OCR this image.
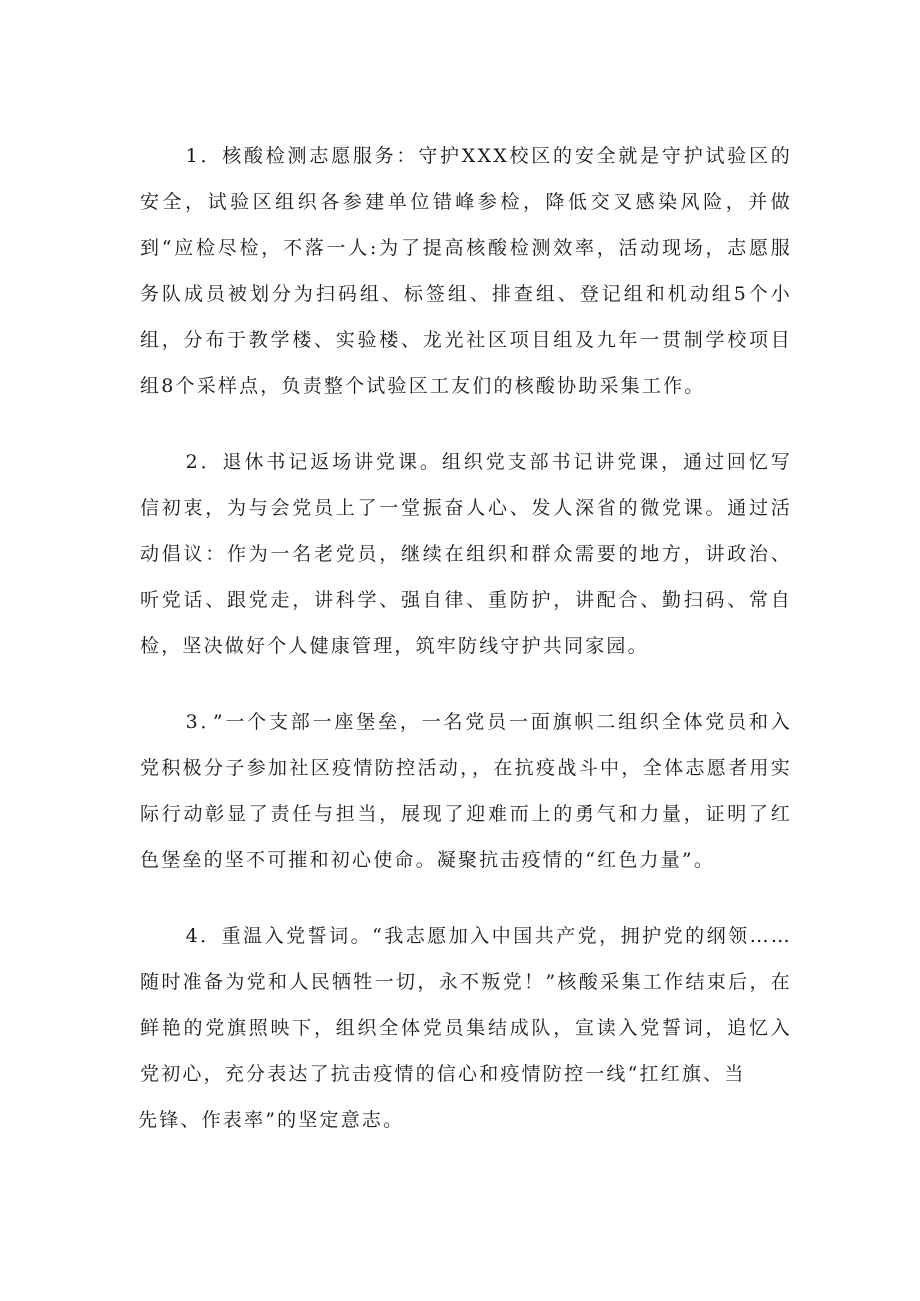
1．核酸检测志愿服务：守护XXX校区的安全就是守护试验区的安全，试验区组织各参建单位错峰参检，降低交叉感染风险，并做到“应检尽检，不落一人:为了提高核酸检测效率，活动现场，志愿服务队成员被划分为扫码组、标签组、排查组、登记组和机动组5个小组，分布于教学楼、实验楼、龙光社区项目组及九年一贯制学校项目组8个采样点，负责整个试验区工友们的核酸协助采集工作。

2．退休书记返场讲党课。组织党支部书记讲党课，通过回忆写信初衷，为与会党员上了一堂振奋人心、发人深省的微党课。通过活动倡议：作为一名老党员，继续在组织和群众需要的地方，讲政治、听党话、跟党走，讲科学、强自律、重防护，讲配合、勤扫码、常自检，坚决做好个人健康管理，筑牢防线守护共同家园。

3．”一个支部一座堡垒，一名党员一面旗帜二组织全体党员和入党积极分子参加社区疫情防控活动，，在抗疫战斗中，全体志愿者用实际行动彰显了责任与担当，展现了迎难而上的勇气和力量，证明了红色堡垒的坚不可摧和初心使命。凝聚抗击疫情的“红色力量”。

4．重温入党誓词。“我志愿加入中国共产党，拥护党的纲领……随时准备为党和人民牺牲一切，永不叛党！”核酸采集工作结束后，在鲜艳的党旗照映下，组织全体党员集结成队，宣读入党誓词，追忆入党初心，充分表达了抗击疫情的信心和疫情防控一线“扛红旗、当
先锋、作表率”的坚定意志。
